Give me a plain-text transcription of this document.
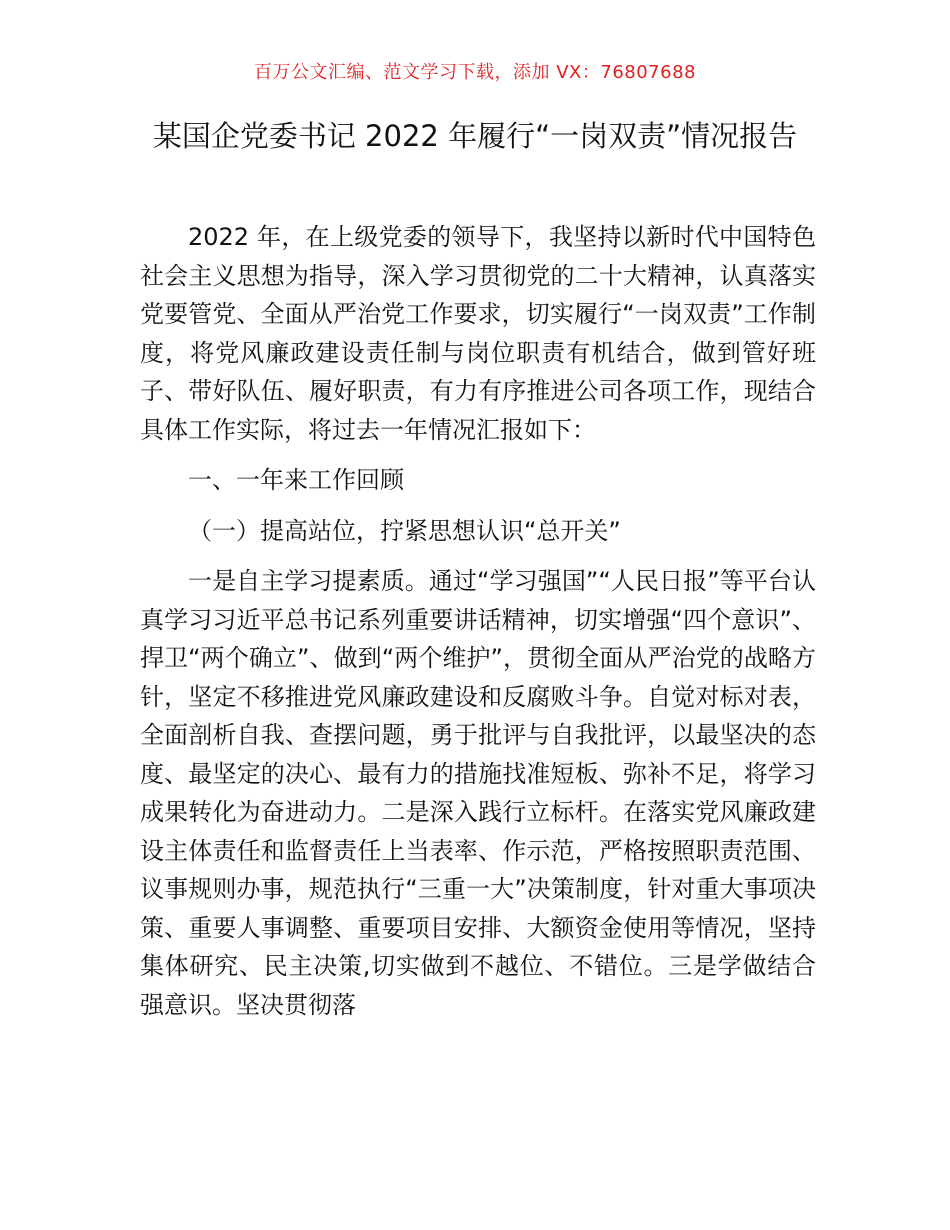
百万公文汇编、范文学习下载，添加 VX：76807688
某国企党委书记 2022 年履行“一岗双责”情况报告

2022 年，在上级党委的领导下，我坚持以新时代中国特色社会主义思想为指导，深入学习贯彻党的二十大精神，认真落实党要管党、全面从严治党工作要求，切实履行“一岗双责”工作制度，将党风廉政建设责任制与岗位职责有机结合，做到管好班子、带好队伍、履好职责，有力有序推进公司各项工作，现结合具体工作实际，将过去一年情况汇报如下：

一、一年来工作回顾

（一）提高站位，拧紧思想认识“总开关”

一是自主学习提素质。通过“学习强国”“人民日报”等平台认真学习习近平总书记系列重要讲话精神，切实增强“四个意识”、捍卫“两个确立”、做到“两个维护”，贯彻全面从严治党的战略方针，坚定不移推进党风廉政建设和反腐败斗争。自觉对标对表，全面剖析自我、查摆问题，勇于批评与自我批评，以最坚决的态度、最坚定的决心、最有力的措施找准短板、弥补不足，将学习成果转化为奋进动力。二是深入践行立标杆。在落实党风廉政建设主体责任和监督责任上当表率、作示范，严格按照职责范围、议事规则办事，规范执行“三重一大”决策制度，针对重大事项决策、重要人事调整、重要项目安排、大额资金使用等情况，坚持集体研究、民主决策,切实做到不越位、不错位。三是学做结合强意识。坚决贯彻落
